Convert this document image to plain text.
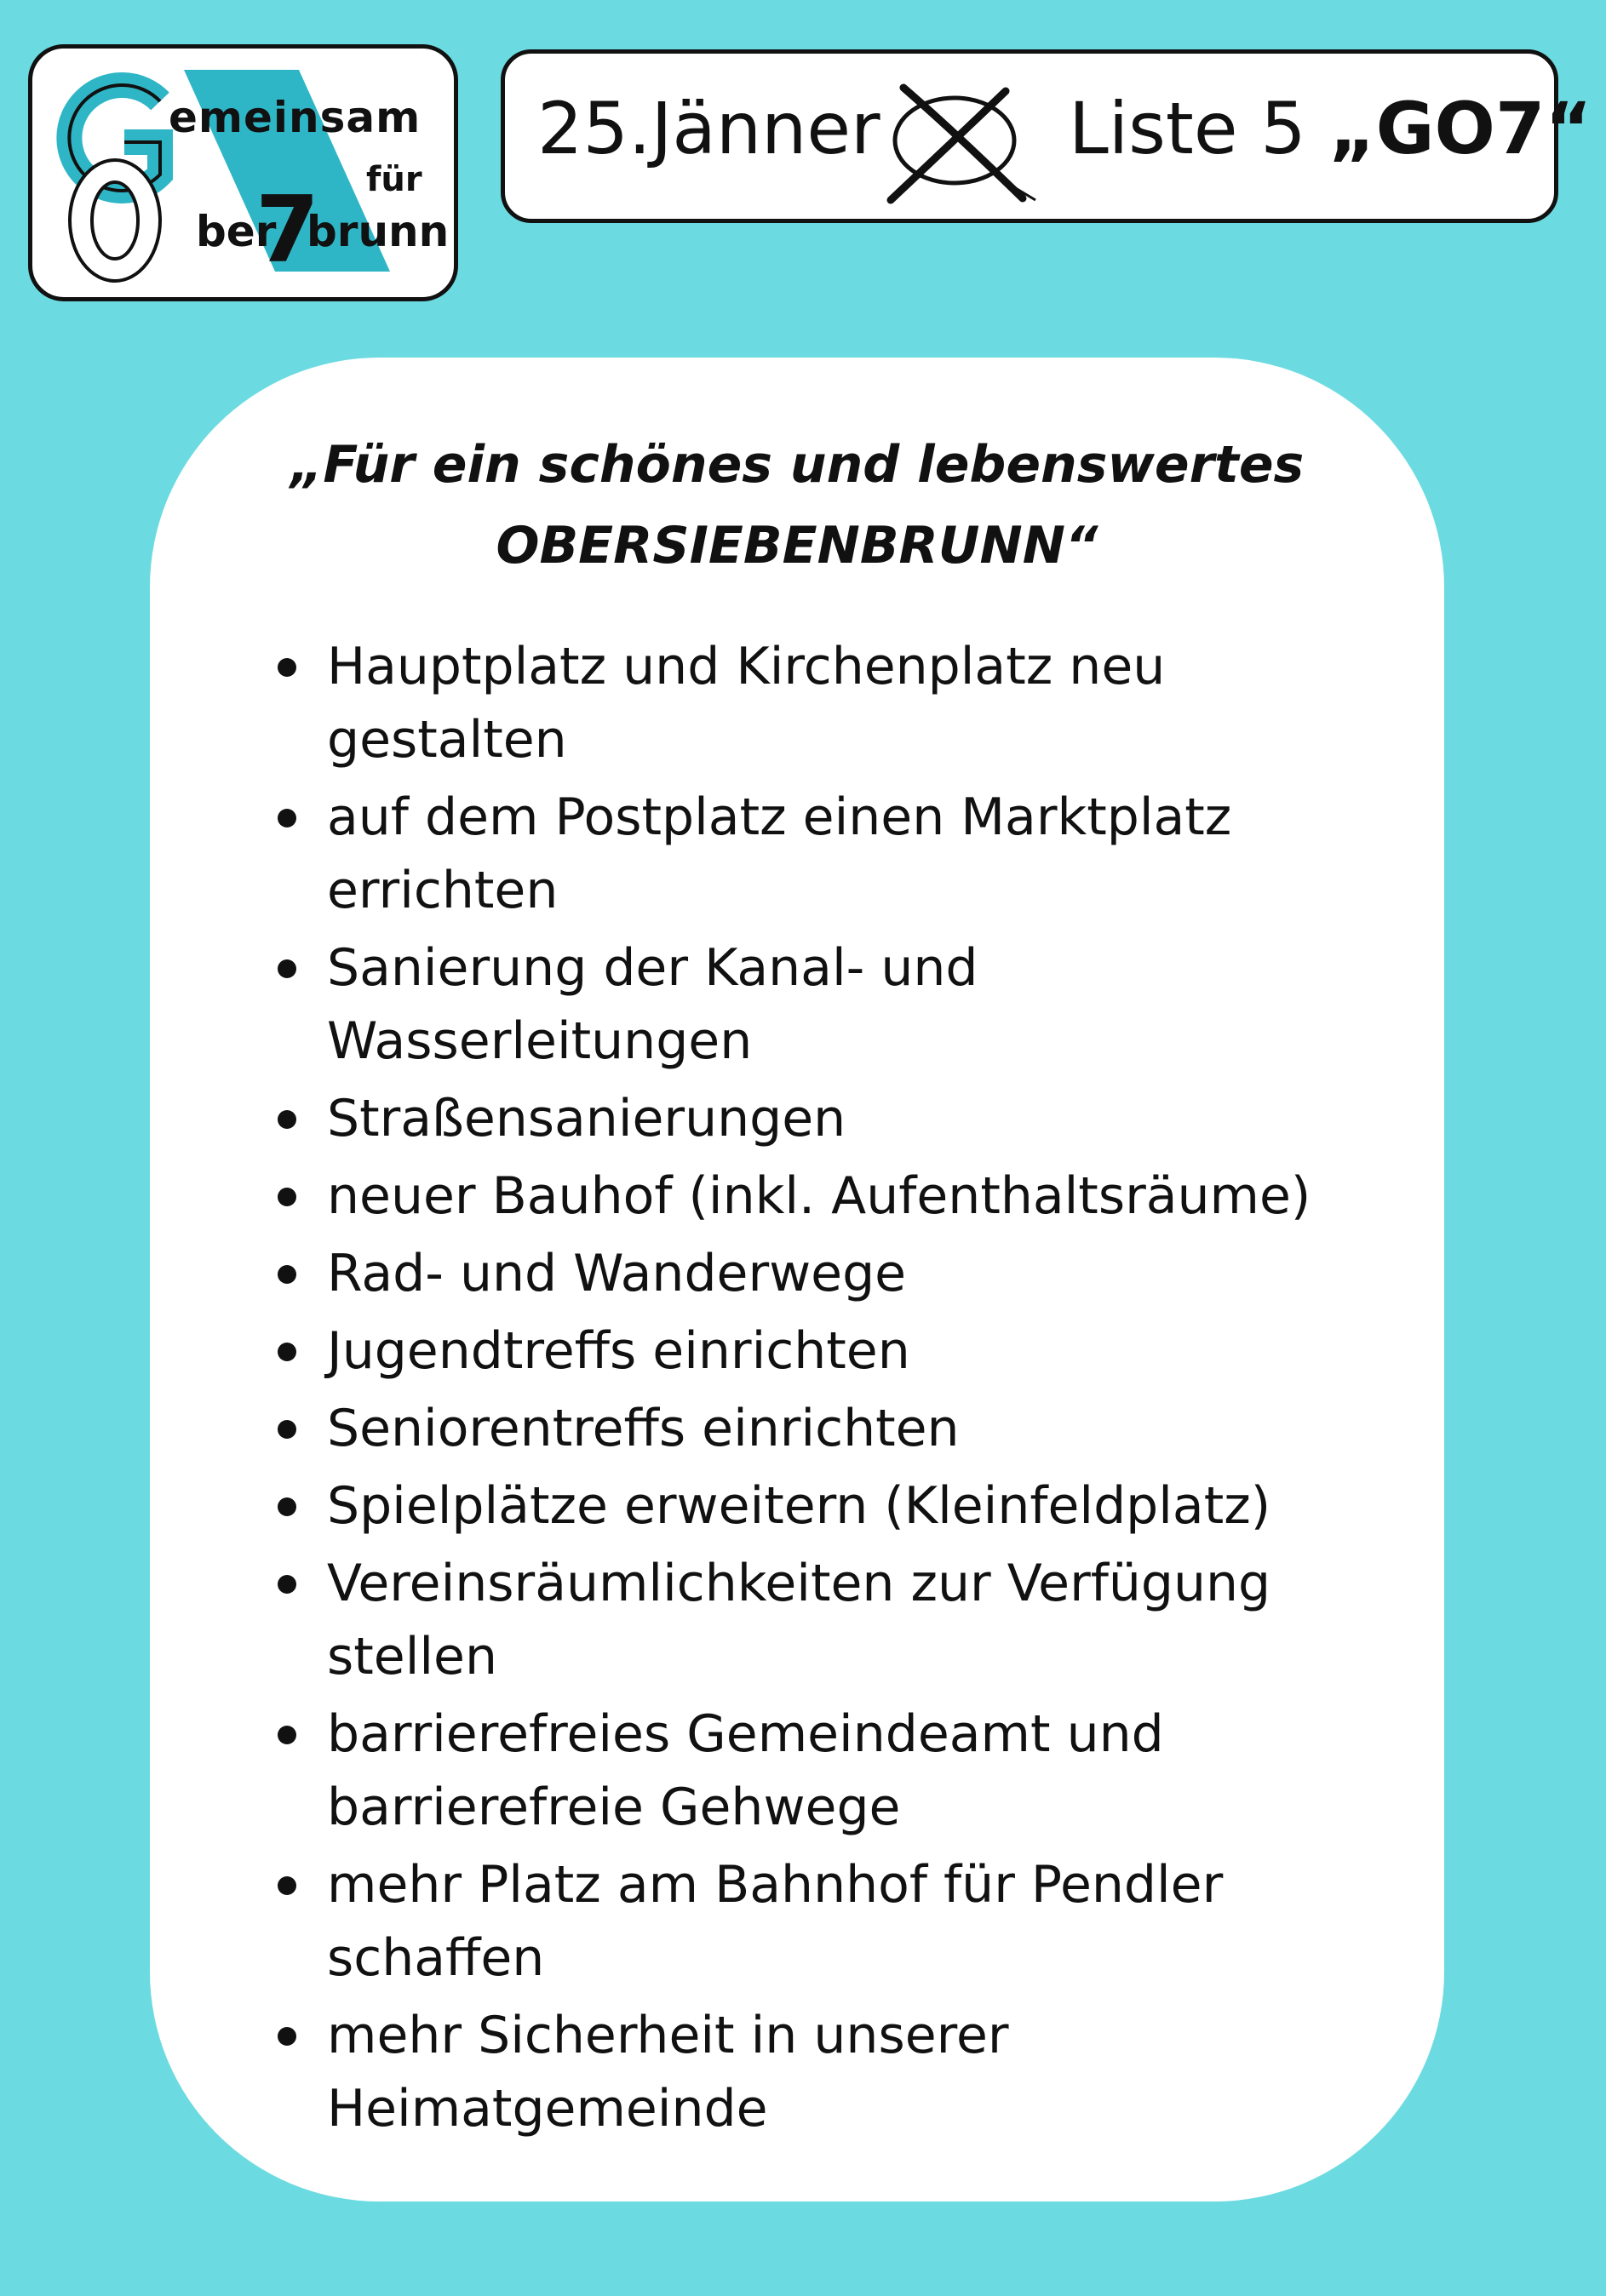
emeinsam
für
ber
7
brunn
25.Jänner	Liste 5 „GO7“
„Für ein schönes und lebenswertes
OBERSIEBENBRUNN“
Hauptplatz und Kirchenplatz neu gestalten
auf dem Postplatz einen Marktplatz errichten
Sanierung der Kanal- und Wasserleitungen
Straßensanierungen
neuer Bauhof (inkl. Aufenthaltsräume)
Rad- und Wanderwege
Jugendtreffs einrichten
Seniorentreffs einrichten
Spielplätze erweitern (Kleinfeldplatz)
Vereinsräumlichkeiten zur Verfügung stellen
barrierefreies Gemeindeamt und barrierefreie Gehwege
mehr Platz am Bahnhof für Pendler schaffen
mehr Sicherheit in unserer Heimatgemeinde
